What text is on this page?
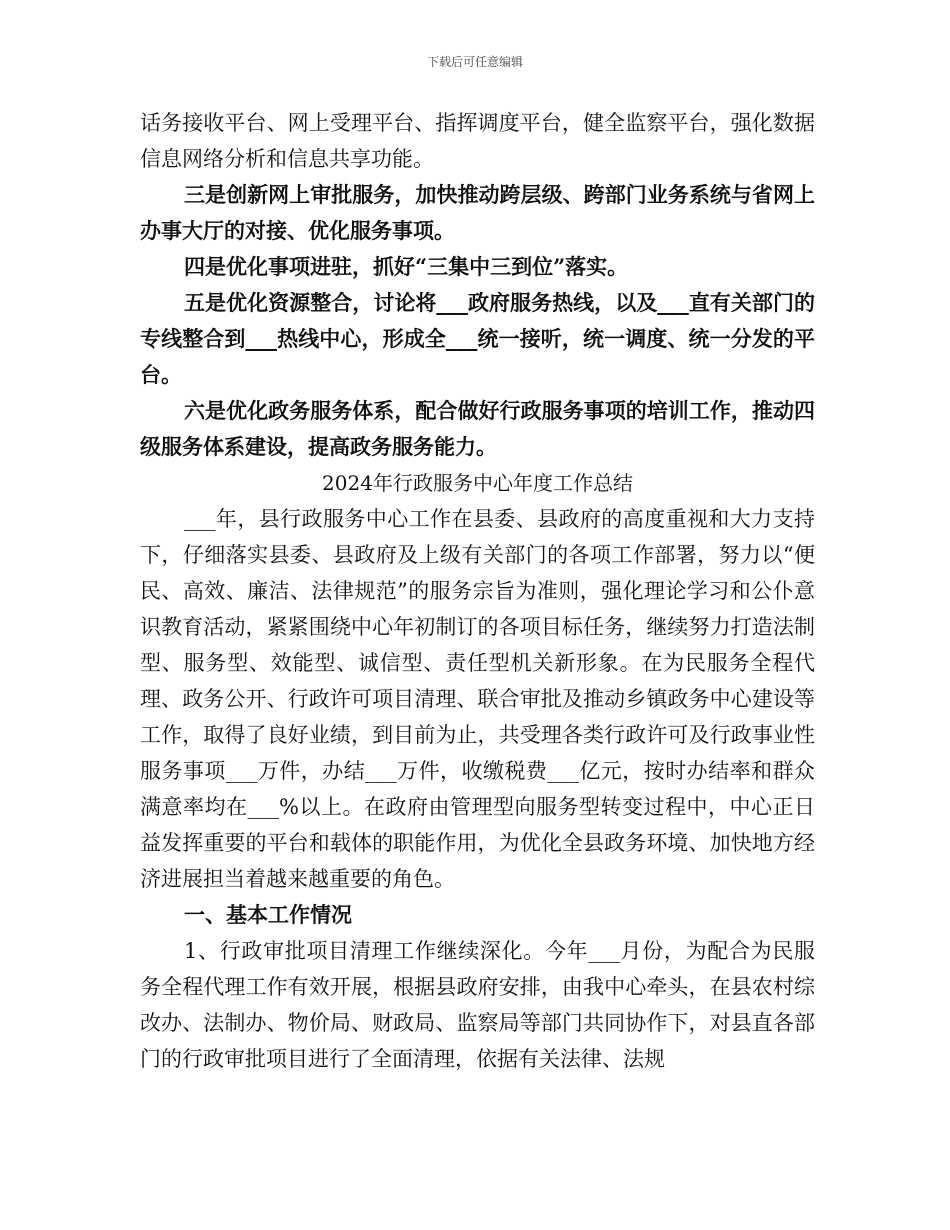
下载后可任意编辑

话务接收平台、网上受理平台、指挥调度平台，健全监察平台，强化数据信息网络分析和信息共享功能。

三是创新网上审批服务，加快推动跨层级、跨部门业务系统与省网上办事大厅的对接、优化服务事项。

四是优化事项进驻，抓好“三集中三到位”落实。

五是优化资源整合，讨论将___政府服务热线，以及___直有关部门的专线整合到___热线中心，形成全___统一接听，统一调度、统一分发的平台。

六是优化政务服务体系，配合做好行政服务事项的培训工作，推动四级服务体系建设，提高政务服务能力。

2024年行政服务中心年度工作总结

___年，县行政服务中心工作在县委、县政府的高度重视和大力支持下，仔细落实县委、县政府及上级有关部门的各项工作部署，努力以“便民、高效、廉洁、法律规范”的服务宗旨为准则，强化理论学习和公仆意识教育活动，紧紧围绕中心年初制订的各项目标任务，继续努力打造法制型、服务型、效能型、诚信型、责任型机关新形象。在为民服务全程代理、政务公开、行政许可项目清理、联合审批及推动乡镇政务中心建设等工作，取得了良好业绩，到目前为止，共受理各类行政许可及行政事业性服务事项___万件，办结___万件，收缴税费___亿元，按时办结率和群众满意率均在___%以上。在政府由管理型向服务型转变过程中，中心正日益发挥重要的平台和载体的职能作用，为优化全县政务环境、加快地方经济进展担当着越来越重要的角色。

一、基本工作情况

1、行政审批项目清理工作继续深化。今年___月份，为配合为民服务全程代理工作有效开展，根据县政府安排，由我中心牵头，在县农村综改办、法制办、物价局、财政局、监察局等部门共同协作下，对县直各部门的行政审批项目进行了全面清理，依据有关法律、法规
